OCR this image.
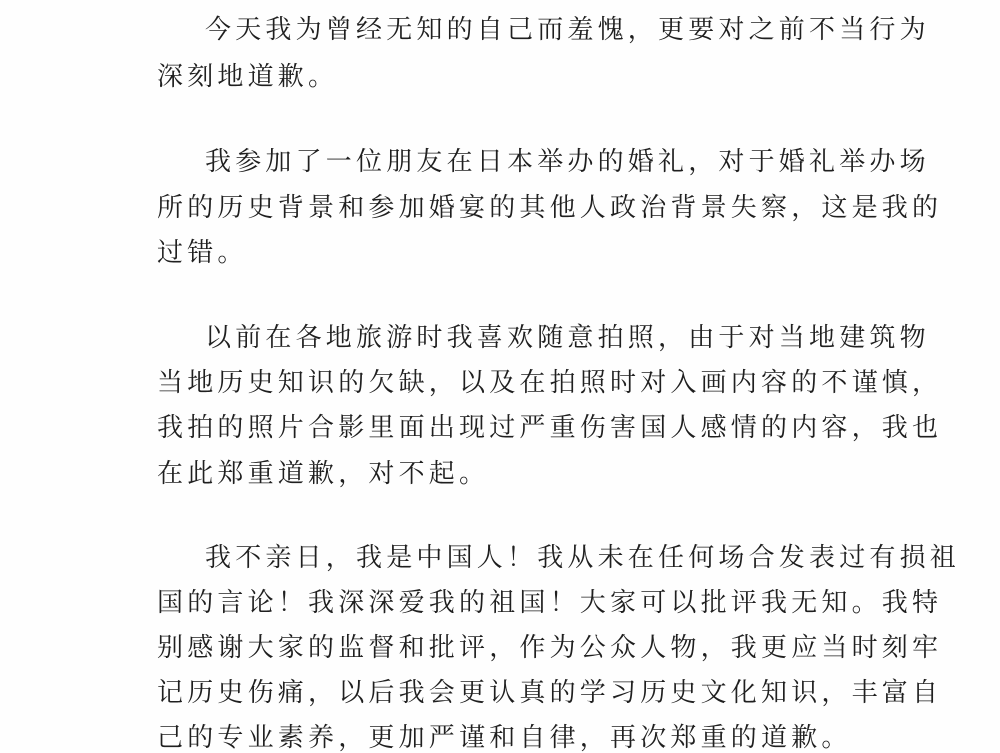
今天我为曾经无知的自己而羞愧，更要对之前不当行为
深刻地道歉。
我参加了一位朋友在日本举办的婚礼，对于婚礼举办场
所的历史背景和参加婚宴的其他人政治背景失察，这是我的
过错。
以前在各地旅游时我喜欢随意拍照，由于对当地建筑物
当地历史知识的欠缺，以及在拍照时对入画内容的不谨慎，
我拍的照片合影里面出现过严重伤害国人感情的内容，我也
在此郑重道歉，对不起。
我不亲日，我是中国人！我从未在任何场合发表过有损祖
国的言论！我深深爱我的祖国！大家可以批评我无知。我特
别感谢大家的监督和批评，作为公众人物，我更应当时刻牢
记历史伤痛，以后我会更认真的学习历史文化知识，丰富自
己的专业素养，更加严谨和自律，再次郑重的道歉。
